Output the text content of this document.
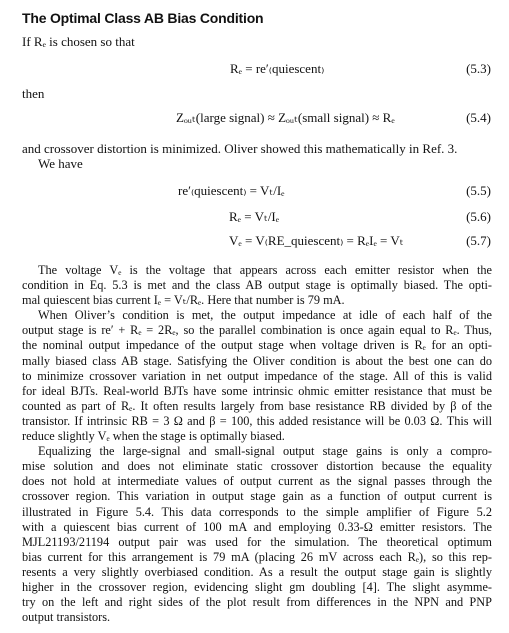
The Optimal Class AB Bias Condition
If Rₑ is chosen so that
Rₑ = re′₍quiescent₎	(5.3)
then
Zₒᵤₜ(large signal) ≈ Zₒᵤₜ(small signal) ≈ Rₑ	(5.4)
and crossover distortion is minimized. Oliver showed this mathematically in Ref. 3.
We have
re′₍quiescent₎ = Vₜ/Iₑ	(5.5)
Rₑ = Vₜ/Iₑ	(5.6)
Vₑ = V₍RE_quiescent₎ = RₑIₑ = Vₜ	(5.7)
The voltage Vₑ is the voltage that appears across each emitter resistor when the
condition in Eq. 5.3 is met and the class AB output stage is optimally biased. The opti-
mal quiescent bias current Iₑ = Vₜ/Rₑ. Here that number is 79 mA.
When Oliver’s condition is met, the output impedance at idle of each half of the
output stage is re′ + Rₑ = 2Rₑ, so the parallel combination is once again equal to Rₑ. Thus,
the nominal output impedance of the output stage when voltage driven is Rₑ for an opti-
mally biased class AB stage. Satisfying the Oliver condition is about the best one can do
to minimize crossover variation in net output impedance of the stage. All of this is valid
for ideal BJTs. Real-world BJTs have some intrinsic ohmic emitter resistance that must be
counted as part of Rₑ. It often results largely from base resistance RB divided by β of the
transistor. If intrinsic RB = 3 Ω and β = 100, this added resistance will be 0.03 Ω. This will
reduce slightly Vₑ when the stage is optimally biased.
Equalizing the large-signal and small-signal output stage gains is only a compro-
mise solution and does not eliminate static crossover distortion because the equality
does not hold at intermediate values of output current as the signal passes through the
crossover region. This variation in output stage gain as a function of output current is
illustrated in Figure 5.4. This data corresponds to the simple amplifier of Figure 5.2
with a quiescent bias current of 100 mA and employing 0.33-Ω emitter resistors. The
MJL21193/21194 output pair was used for the simulation. The theoretical optimum
bias current for this arrangement is 79 mA (placing 26 mV across each Rₑ), so this rep-
resents a very slightly overbiased condition. As a result the output stage gain is slightly
higher in the crossover region, evidencing slight gm doubling [4]. The slight asymme-
try on the left and right sides of the plot result from differences in the NPN and PNP
output transistors.
